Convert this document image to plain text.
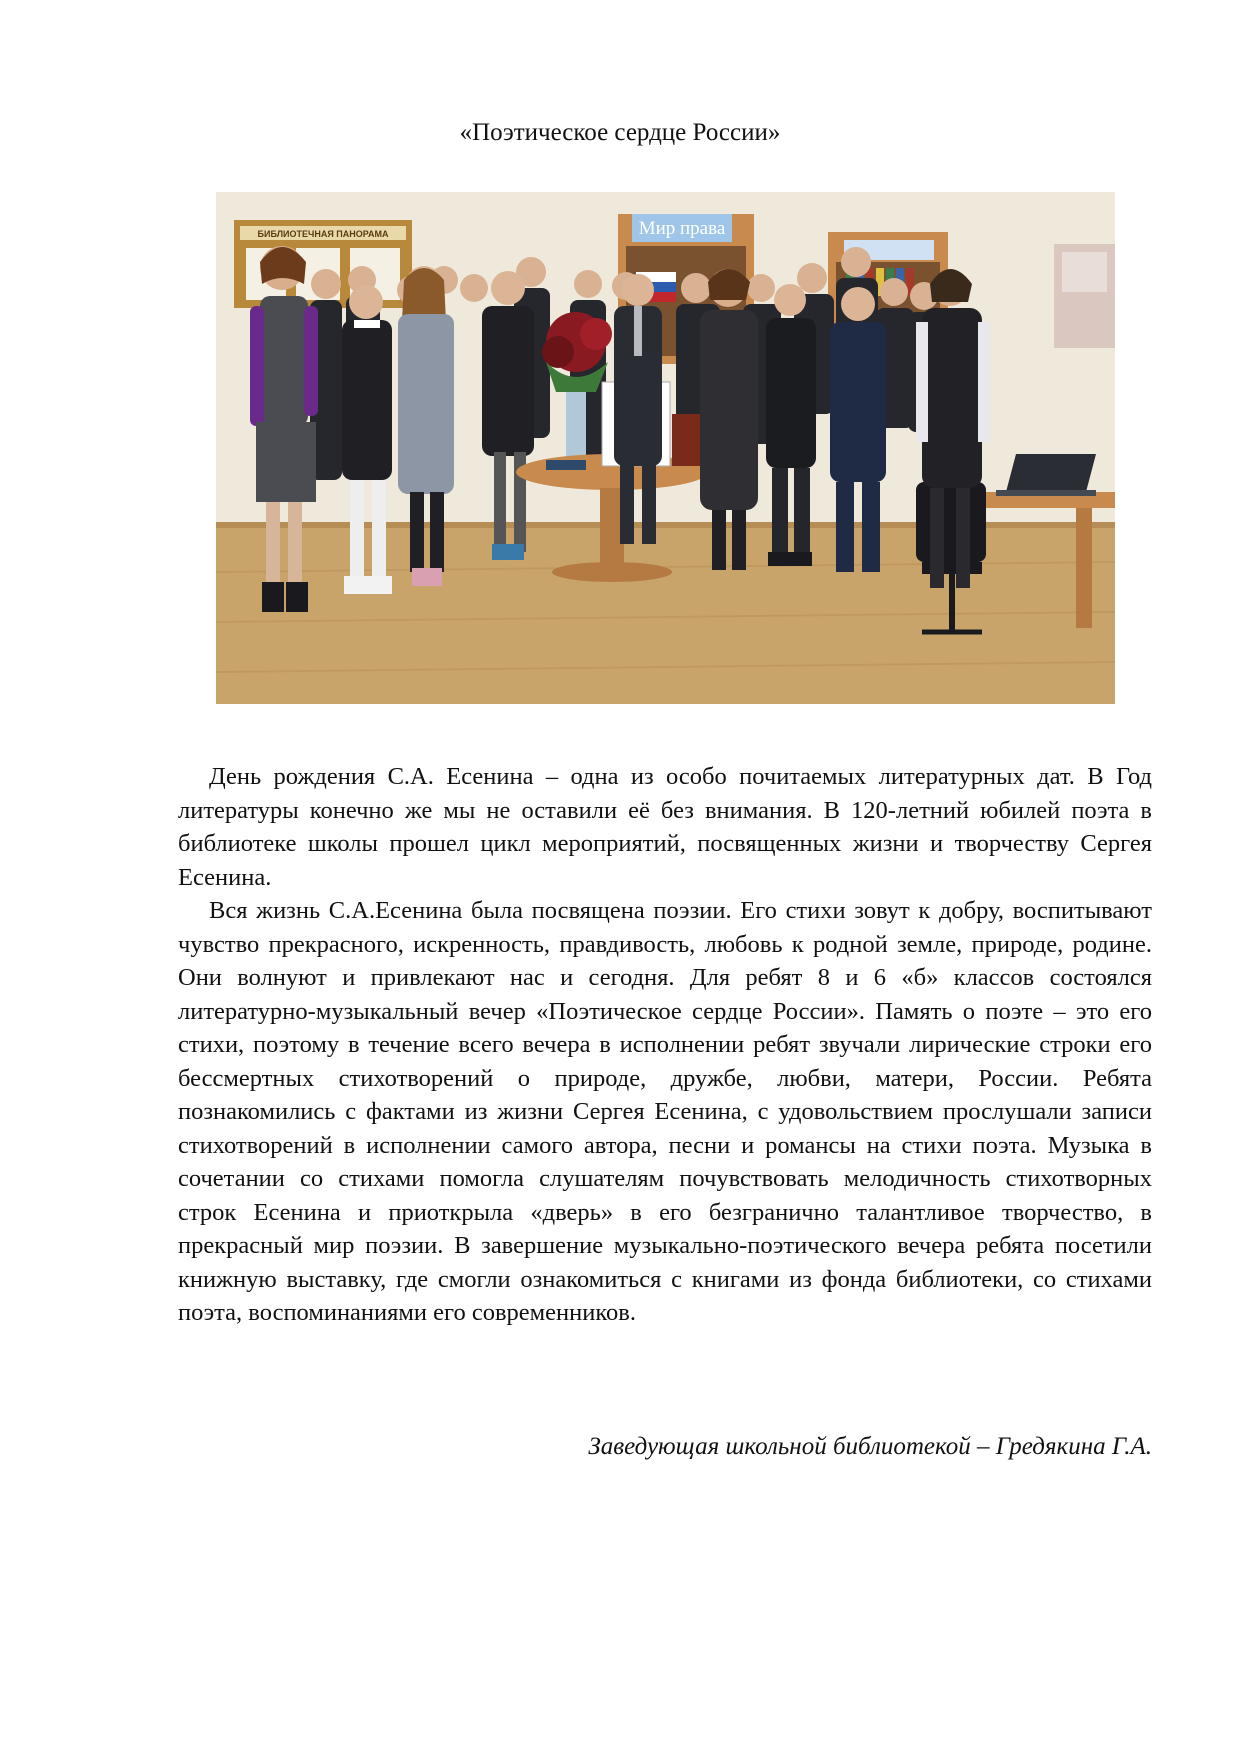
«Поэтическое сердце России»
БИБЛИОТЕЧНАЯ ПАНОРАМА	Мир права

День рождения С.А. Есенина – одна из особо почитаемых литературных дат. В Год литературы конечно же мы не оставили её без внимания. В 120-летний юбилей поэта в библиотеке школы прошел цикл мероприятий, посвященных жизни и творчеству Сергея Есенина.

Вся жизнь С.А.Есенина была посвящена поэзии. Его стихи зовут к добру, воспитывают чувство прекрасного, искренность, правдивость, любовь к родной земле, природе, родине. Они волнуют и привлекают нас и сегодня. Для ребят 8 и 6 «б» классов состоялся литературно-музыкальный вечер «Поэтическое сердце России». Память о поэте – это его стихи, поэтому в течение всего вечера в исполнении ребят звучали лирические строки его бессмертных стихотворений о природе, дружбе, любви, матери, России. Ребята познакомились с фактами из жизни Сергея Есенина, с удовольствием прослушали записи стихотворений в исполнении самого автора, песни и романсы на стихи поэта. Музыка в сочетании со стихами помогла слушателям почувствовать мелодичность стихотворных строк Есенина и приоткрыла «дверь» в его безгранично талантливое творчество, в прекрасный мир поэзии. В завершение музыкально-поэтического вечера ребята посетили книжную выставку, где смогли ознакомиться с книгами из фонда библиотеки, со стихами поэта, воспоминаниями его современников.

Заведующая школьной библиотекой – Гредякина Г.А.
